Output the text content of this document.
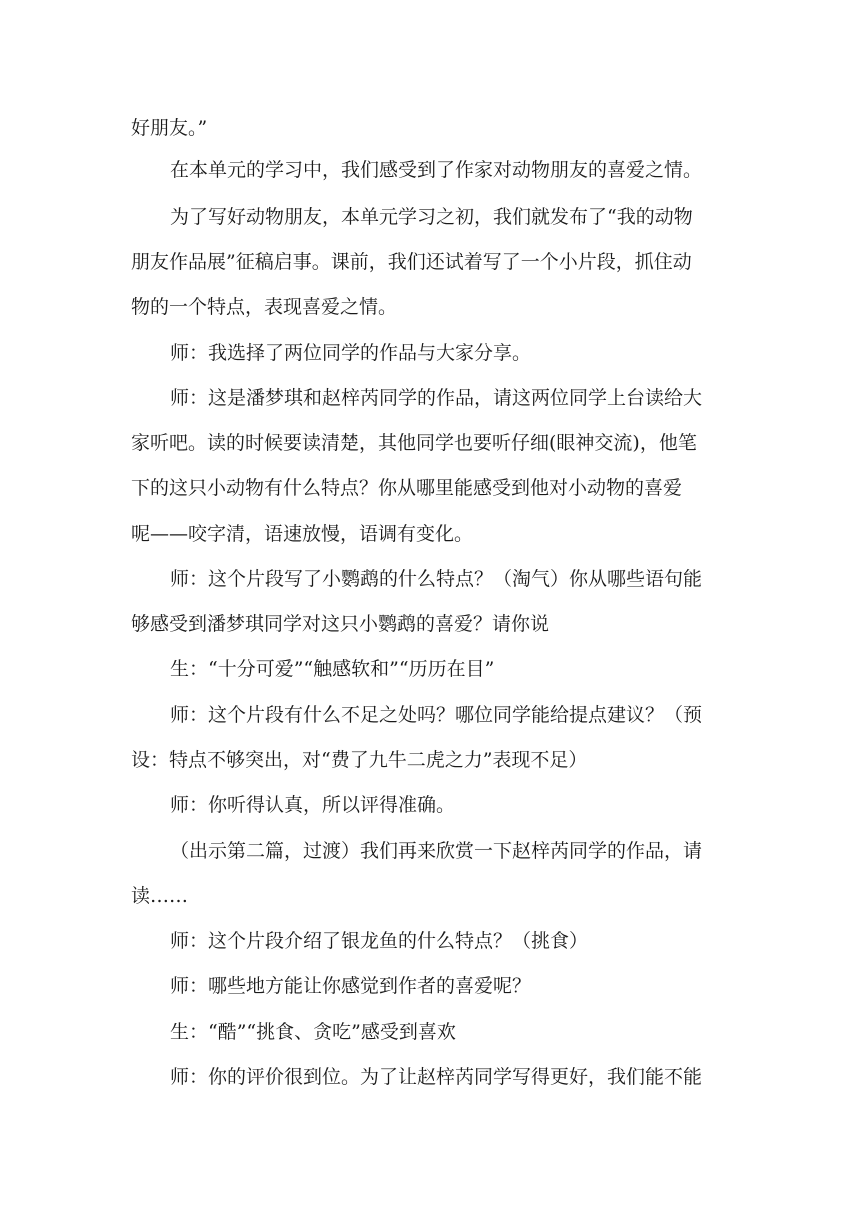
好朋友。”
在本单元的学习中，我们感受到了作家对动物朋友的喜爱之情。
为了写好动物朋友，本单元学习之初，我们就发布了“我的动物
朋友作品展”征稿启事。课前，我们还试着写了一个小片段，抓住动
物的一个特点，表现喜爱之情。
师：我选择了两位同学的作品与大家分享。
师：这是潘梦琪和赵梓芮同学的作品，请这两位同学上台读给大
家听吧。读的时候要读清楚，其他同学也要听仔细(眼神交流)，他笔
下的这只小动物有什么特点？你从哪里能感受到他对小动物的喜爱
呢——咬字清，语速放慢，语调有变化。
师：这个片段写了小鹦鹉的什么特点？（淘气）你从哪些语句能
够感受到潘梦琪同学对这只小鹦鹉的喜爱？请你说
生：“十分可爱”“触感软和”“历历在目”
师：这个片段有什么不足之处吗？哪位同学能给提点建议？（预
设：特点不够突出，对“费了九牛二虎之力”表现不足）
师：你听得认真，所以评得准确。
（出示第二篇，过渡）我们再来欣赏一下赵梓芮同学的作品，请
读……
师：这个片段介绍了银龙鱼的什么特点？（挑食）
师：哪些地方能让你感觉到作者的喜爱呢？
生：“酷”“挑食、贪吃”感受到喜欢
师：你的评价很到位。为了让赵梓芮同学写得更好，我们能不能
